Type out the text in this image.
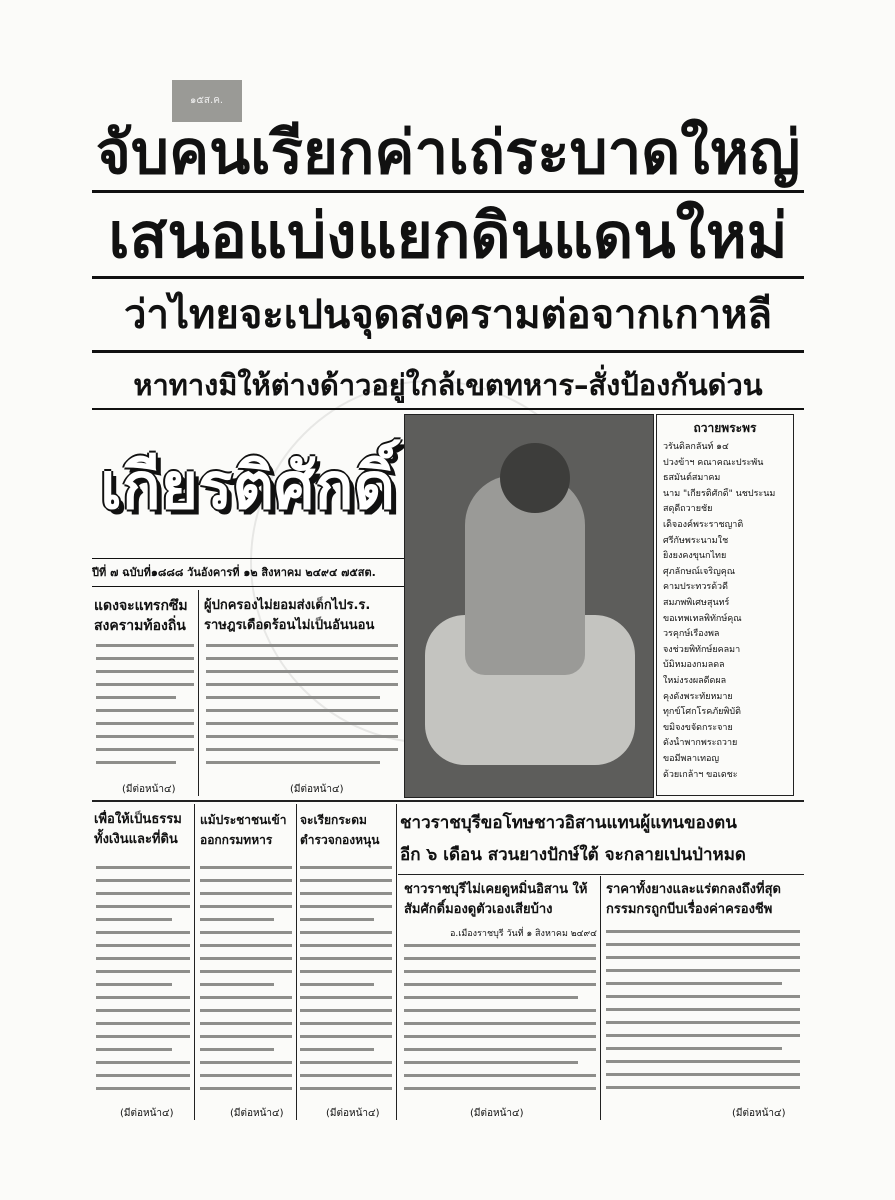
๑๕ส.ค.
จับคนเรียกค่าเถ่ระบาดใหญ่
เสนอแบ่งแยกดินแดนใหม่
ว่าไทยจะเปนจุดสงครามต่อจากเกาหลี
หาทางมิให้ต่างด้าวอยู่ใกล้เขตทหาร–สั่งป้องกันด่วน
เกียรติศักดิ์
ปีที่ ๗ ฉบับที่๑๘๘๘ วันอังคารที่ ๑๒ สิงหาคม ๒๔๙๔ ๗๕สต.
ถวายพระพร
วรันดิลกลันท์ ๑๔
ปวงข้าฯ คณาคณะประพัน
ธสมันต์สมาคม
นาม "เกียรติศักดิ์" นชประนม
สดุดีถวายชัย
เด็จองค์พระราชญาติ
ศรีกัษพระนามใช
ยิ่งยงคงขุนกไทย
ศุภลักษณ์เจริญคุณ
คามประทวรด้วดี
สมภพพิเศษสุนทร์
ขอเทพเทลพิทักษ์คุณ
วรคุกษ์เรืองพล
จงช่วยพิทักษ์ยคลมา
บ้มิหมองกมลดล
ใหม่งรงผลดีดผล
คุงดังพระทัยหมาย
ทุกข์โศกโรคภัยพิบัติ
ขมิจงขจัดกระจาย
ดังน้ำพากพระถวาย
ขอมีพลาเทอญ
ด้วยเกล้าฯ ขอเดชะ
แดงจะแทรกซึมสงครามท้องถิ่น
ผู้ปกครองไม่ยอมส่งเด็กไปร.ร. ราษฎรเดือดร้อนไม่เป็นอันนอน
(มีต่อหน้า๔)	(มีต่อหน้า๔)
เพื่อให้เป็นธรรมทั้งเงินและที่ดิน
แม้ประชาชนเข้าออกกรมทหาร
จะเรียกระดมตำรวจกองหนุน
ชาวราชบุรีขอโทษชาวอิสานแทนผู้แทนของตน
อีก ๖ เดือน สวนยางปักษ์ใต้ จะกลายเปนป่าหมด
ชาวราชบุรีไม่เคยดูหมิ่นอิสาน ให้สัมศักดิ์มองดูตัวเองเสียบ้าง
ราคาทั้งยางและแร่ตกลงถึงที่สุด กรรมกรถูกบีบเรื่องค่าครองชีพ
อ.เมืองราชบุรี วันที่ ๑ สิงหาคม ๒๔๙๔
(มีต่อหน้า๔)	(มีต่อหน้า๔)	(มีต่อหน้า๔)	(มีต่อหน้า๔)	(มีต่อหน้า๔)
